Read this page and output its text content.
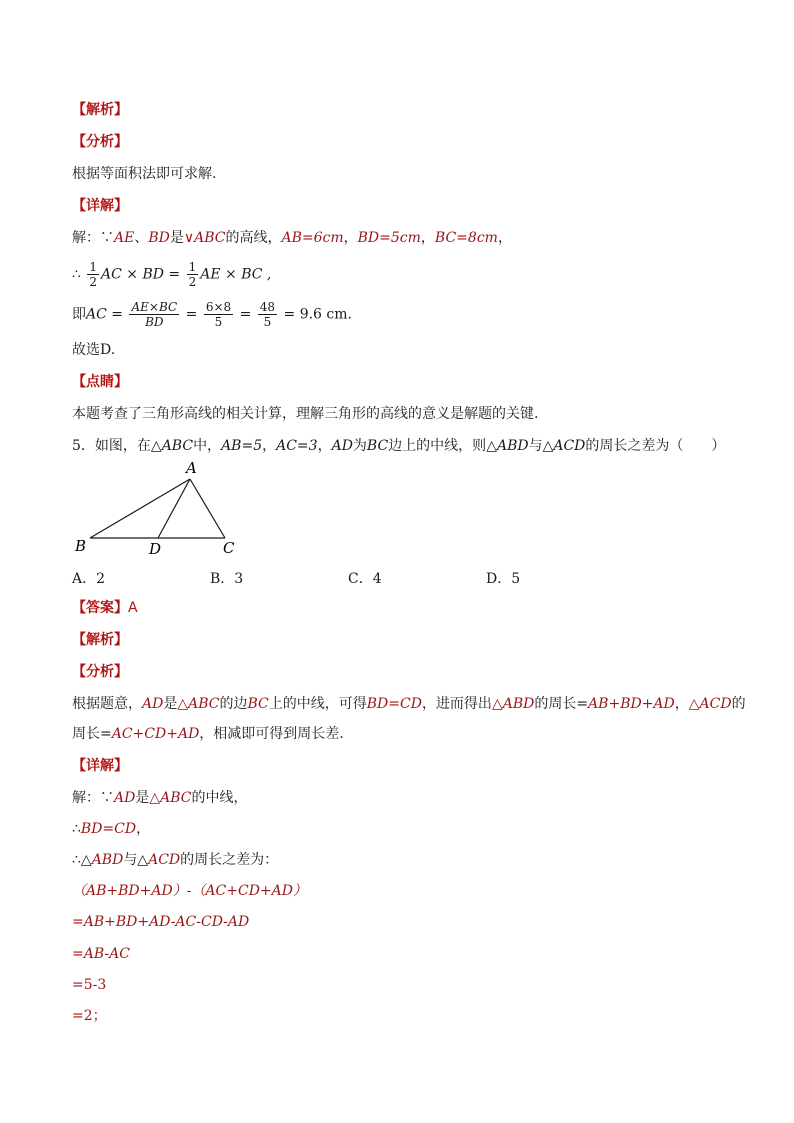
【解析】
【分析】
根据等面积法即可求解.
【详解】
解：∵AE、BD是∨ABC的高线，AB=6cm，BD=5cm，BC=8cm，
∴ $\frac{1}{2}$ AC × BD = $\frac{1}{2}$ AE × BC ,
即AC = $\frac{AE\times BC}{BD} = \frac{6\times 8}{5} = \frac{48}{5} = 9.6$ cm.
故选D.
【点睛】
本题考查了三角形高线的相关计算，理解三角形的高线的意义是解题的关键.
5．如图，在△ABC中，AB=5，AC=3，AD为BC边上的中线，则△ABD与△ACD的周长之差为（　　）
A
B	D	C
A．2	B．3	C．4	D．5
【答案】A
【解析】
【分析】
根据题意，AD是△ABC的边BC上的中线，可得BD=CD，进而得出△ABD的周长=AB+BD+AD，△ACD的
周长=AC+CD+AD，相减即可得到周长差.
【详解】
解：∵AD是△ABC的中线，
∴BD=CD，
∴△ABD与△ACD的周长之差为：
（AB+BD+AD）-（AC+CD+AD）
=AB+BD+AD-AC-CD-AD
=AB-AC
=5-3
=2；
